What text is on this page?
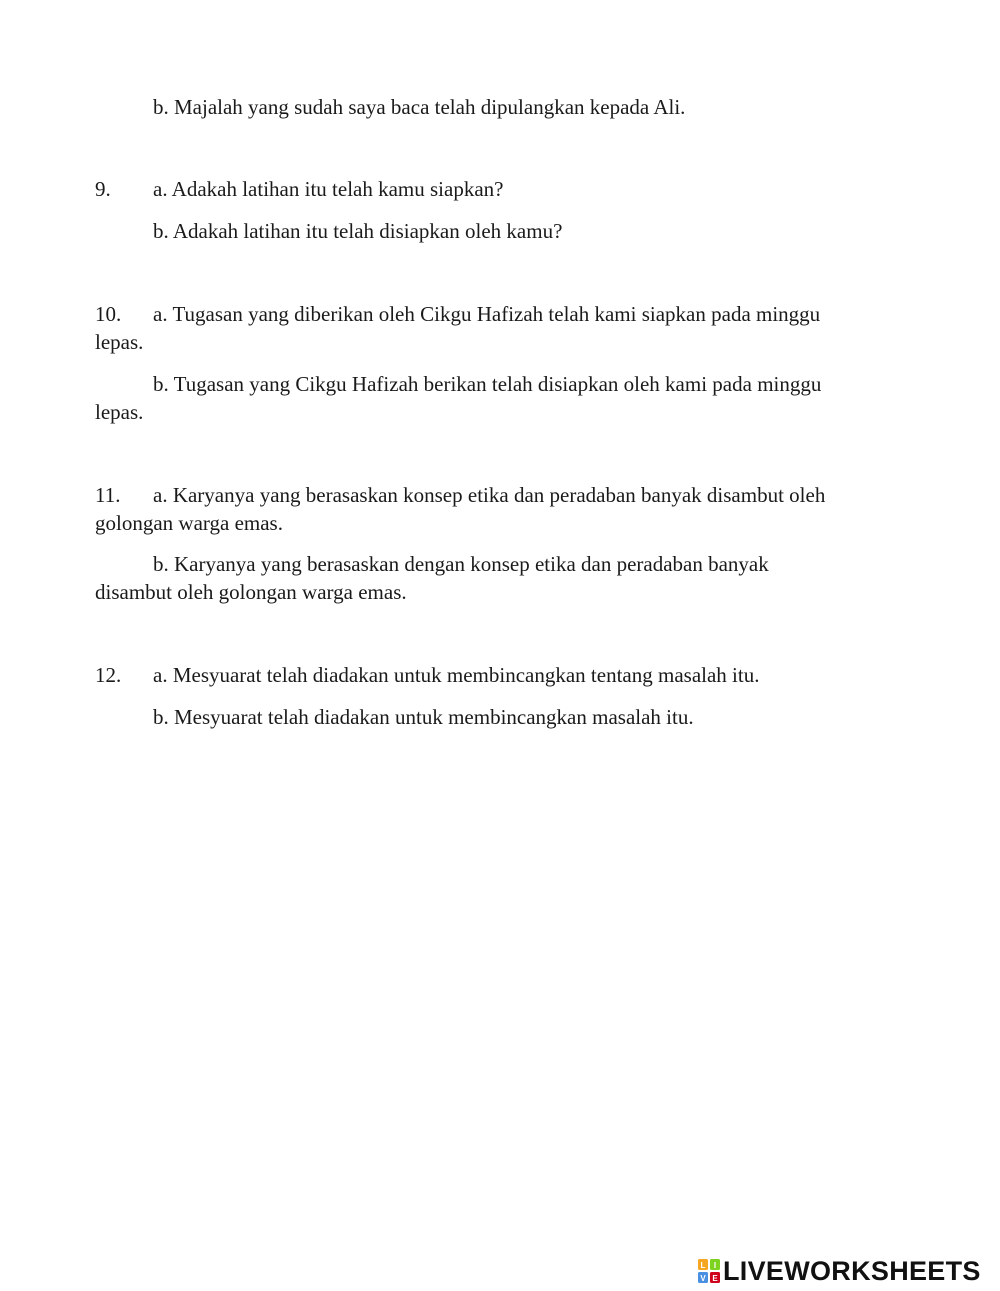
b. Majalah yang sudah saya baca telah dipulangkan kepada Ali.
9. a. Adakah latihan itu telah kamu siapkan?
b. Adakah latihan itu telah disiapkan oleh kamu?
10. a. Tugasan yang diberikan oleh Cikgu Hafizah telah kami siapkan pada minggu
lepas.
b. Tugasan yang Cikgu Hafizah berikan telah disiapkan oleh kami pada minggu
lepas.
11. a. Karyanya yang berasaskan konsep etika dan peradaban banyak disambut oleh
golongan warga emas.
b. Karyanya yang berasaskan dengan konsep etika dan peradaban banyak
disambut oleh golongan warga emas.
12. a. Mesyuarat telah diadakan untuk membincangkan tentang masalah itu.
b. Mesyuarat telah diadakan untuk membincangkan masalah itu.
L I
V E LIVEWORKSHEETS
